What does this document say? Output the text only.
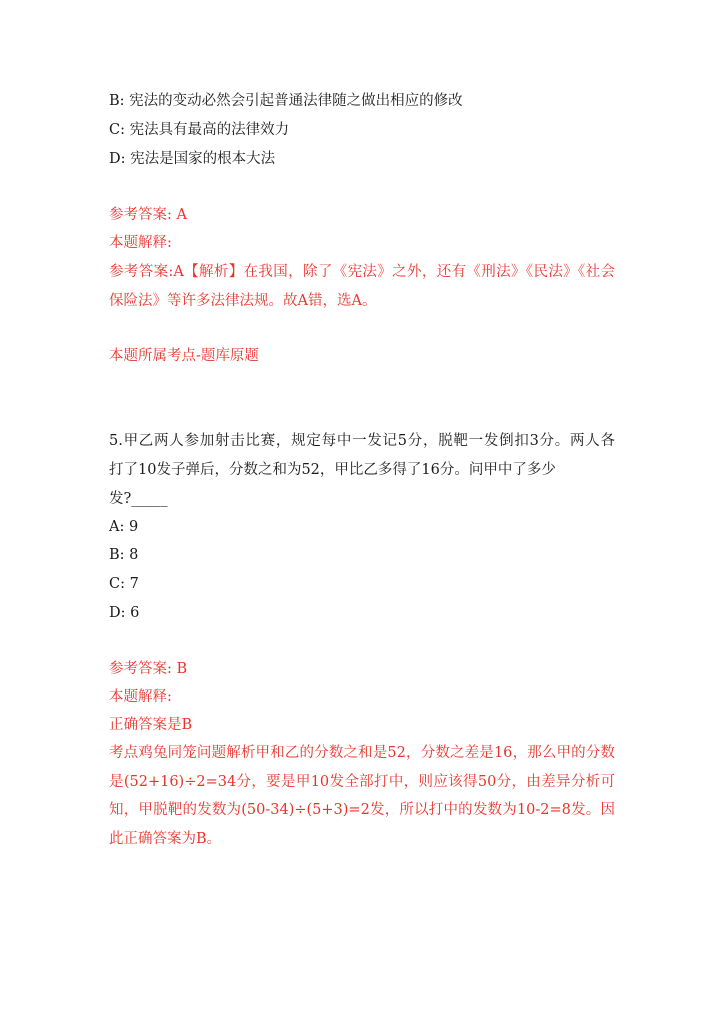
B: 宪法的变动必然会引起普通法律随之做出相应的修改
C: 宪法具有最高的法律效力
D: 宪法是国家的根本大法
参考答案: A
本题解释:
参考答案:A【解析】在我国，除了《宪法》之外，还有《刑法》《民法》《社会
保险法》等许多法律法规。故A错，选A。
本题所属考点-题库原题
5.甲乙两人参加射击比赛，规定每中一发记5分，脱靶一发倒扣3分。两人各
打了10发子弹后，分数之和为52，甲比乙多得了16分。问甲中了多少
发?_____
A: 9
B: 8
C: 7
D: 6
参考答案: B
本题解释:
正确答案是B
考点鸡兔同笼问题解析甲和乙的分数之和是52，分数之差是16，那么甲的分数
是(52+16)÷2=34分，要是甲10发全部打中，则应该得50分，由差异分析可
知，甲脱靶的发数为(50-34)÷(5+3)=2发，所以打中的发数为10-2=8发。因
此正确答案为B。
